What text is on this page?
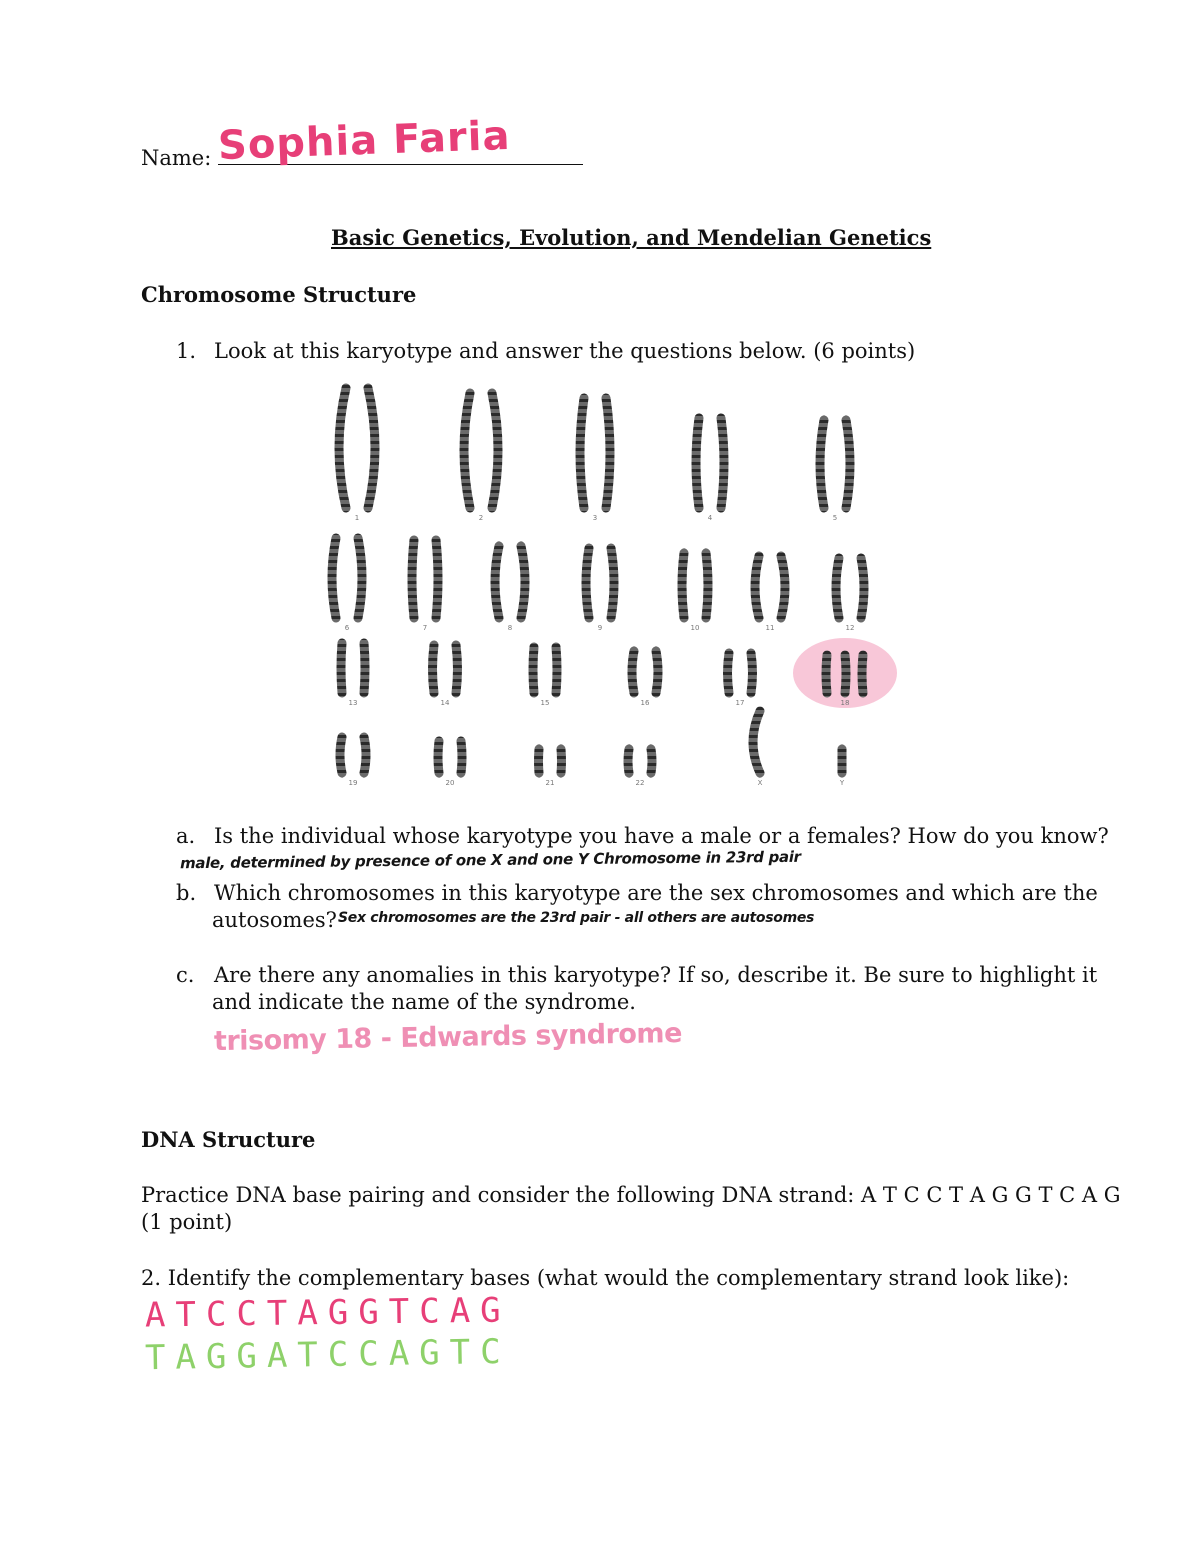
Name: Sophia Faria
Basic Genetics, Evolution, and Mendelian Genetics
Chromosome Structure
1. Look at this karyotype and answer the questions below. (6 points)
1	2	3	4	5
6	7	8	9	10	11	12
13	14	15	16	17	18
19	20	21	22	X	Y
a. Is the individual whose karyotype you have a male or a females? How do you know?
male, determined by presence of one X and one Y Chromosome in 23rd pair
b. Which chromosomes in this karyotype are the sex chromosomes and which are the
autosomes? Sex chromosomes are the 23rd pair - all others are autosomes
c. Are there any anomalies in this karyotype? If so, describe it. Be sure to highlight it
and indicate the name of the syndrome.
trisomy 18 - Edwards syndrome
DNA Structure
Practice DNA base pairing and consider the following DNA strand: A T C C T A G G T C A G
(1 point)
2. Identify the complementary bases (what would the complementary strand look like):
ATCCTAGGTCAG
TAGGATCCAGTC
